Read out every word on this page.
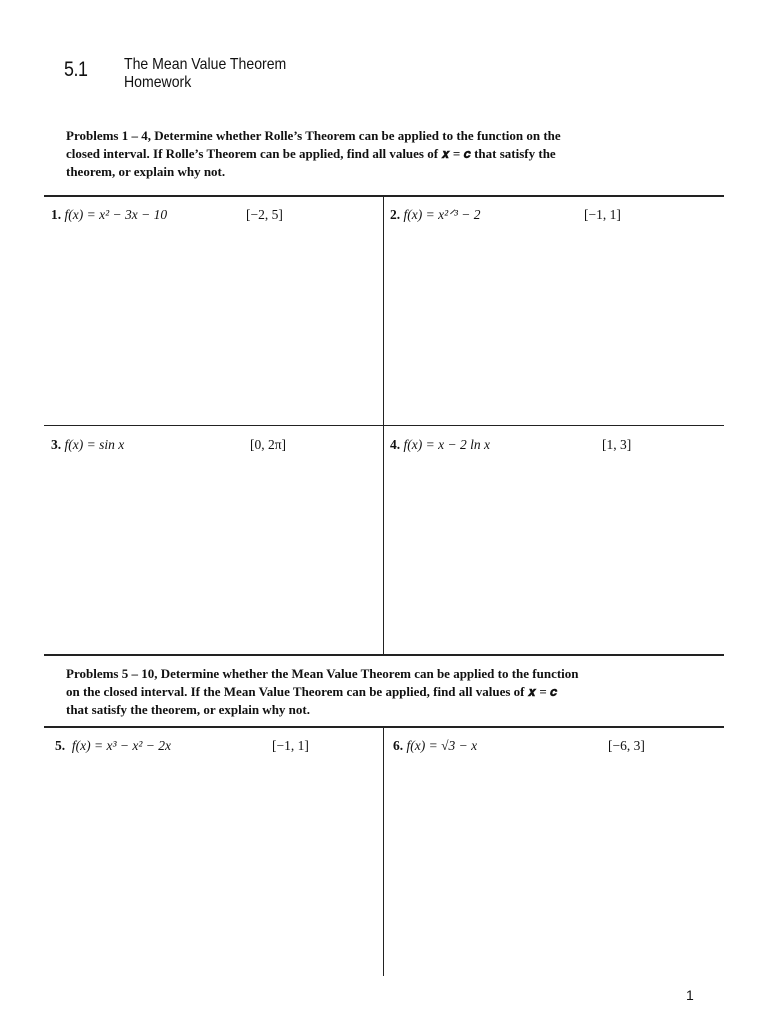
5.1 The Mean Value Theorem
Homework
Problems 1 – 4, Determine whether Rolle’s Theorem can be applied to the function on the
closed interval. If Rolle’s Theorem can be applied, find all values of 𝒙 = 𝒄 that satisfy the
theorem, or explain why not.
1. f(x) = x² − 3x − 10	[−2, 5]	2. f(x) = x²ᐟ³ − 2	[−1, 1]
3. f(x) = sin x	[0, 2π]	4. f(x) = x − 2 ln x	[1, 3]
Problems 5 – 10, Determine whether the Mean Value Theorem can be applied to the function
on the closed interval. If the Mean Value Theorem can be applied, find all values of 𝒙 = 𝒄
that satisfy the theorem, or explain why not.
5. f(x) = x³ − x² − 2x	[−1, 1]	6. f(x) = √3 − x	[−6, 3]
1
